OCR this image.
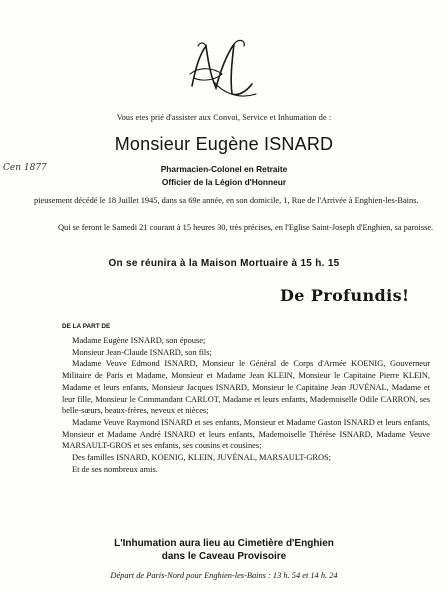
Vous etes prié d'assister aux Convoi, Service et Inhumation de :
Cen 1877
Monsieur Eugène ISNARD
Pharmacien-Colonel en Retraite
Officier de la Légion d'Honneur
pieusement décédé le 18 Juillet 1945, dans sa 69e année, en son domicile, 1, Rue de l'Arrivée à Enghien-les-Bains.
Qui se feront le Samedi 21 courant à 15 heures 30, très précises, en l'Eglise Saint-Joseph d'Enghien, sa paroisse.
On se réunira à la Maison Mortuaire à 15 h. 15
De Profundis!
DE LA PART DE

Madame Eugène ISNARD, son épouse;

Monsieur Jean-Claude ISNARD, son fils;

Madame Veuve Edmond ISNARD, Monsieur le Général de Corps d'Armée KOENIG, Gouverneur Militaire de Paris et Madame, Monsieur et Madame Jean KLEIN, Monsieur le Capitaine Pierre KLEIN, Madame et leurs enfants, Monsieur Jacques ISNARD, Monsieur le Capitaine Jean JUVÉNAL, Madame et leur fille, Monsieur le Commandant CARLOT, Madame et leurs enfants, Mademoiselle Odile CARRON, ses belle-sœurs, beaux-frères, neveux et nièces;

Madame Veuve Raymond ISNARD et ses enfants, Monsieur et Madame Gaston ISNARD et leurs enfants, Monsieur et Madame André ISNARD et leurs enfants, Mademoiselle Thérèse ISNARD, Madame Veuve MARSAULT-GROS et ses enfants, ses cousins et cousines;

Des familles ISNARD, KOENIG, KLEIN, JUVÉNAL, MARSAULT-GROS;

Et de ses nombreux amis.

L'Inhumation aura lieu au Cimetière d'Enghien
dans le Caveau Provisoire
Départ de Paris-Nord pour Enghien-les-Bains : 13 h. 54 et 14 h. 24
